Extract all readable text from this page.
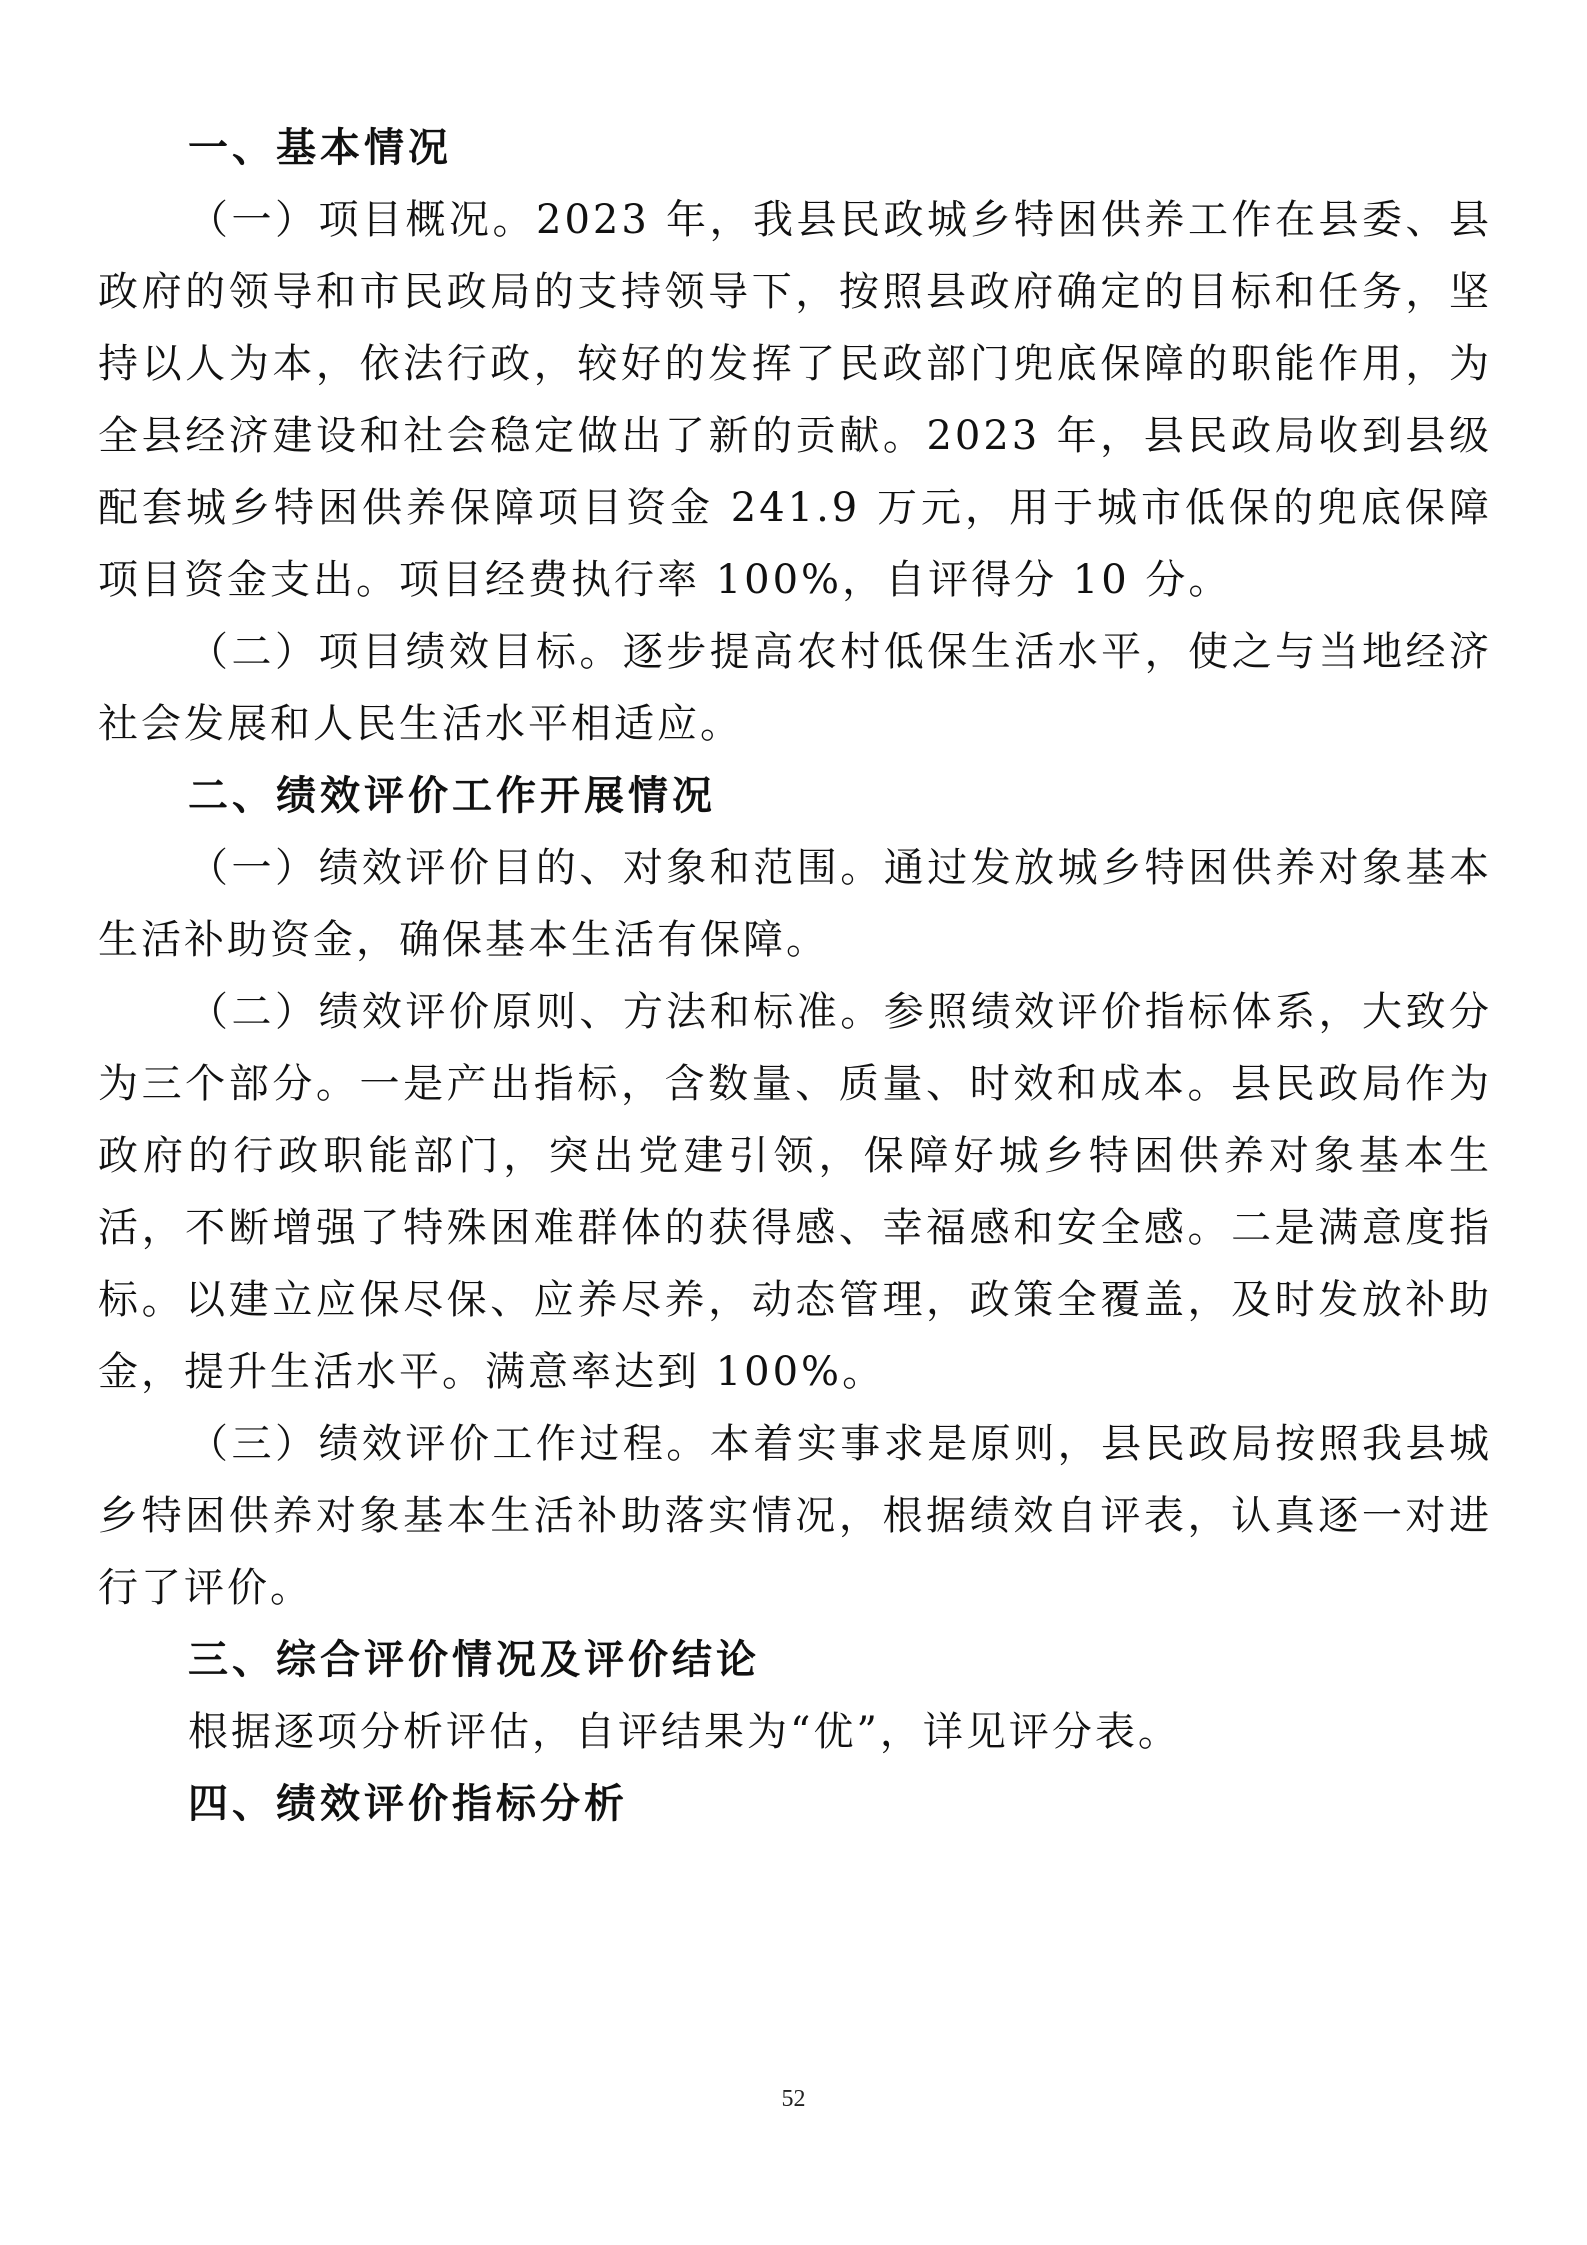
一、基本情况

（一）项目概况。2023 年，我县民政城乡特困供养工作在县委、县政府的领导和市民政局的支持领导下，按照县政府确定的目标和任务，坚持以人为本，依法行政，较好的发挥了民政部门兜底保障的职能作用，为全县经济建设和社会稳定做出了新的贡献。2023 年，县民政局收到县级配套城乡特困供养保障项目资金 241.9 万元，用于城市低保的兜底保障项目资金支出。项目经费执行率 100%，自评得分 10 分。

（二）项目绩效目标。逐步提高农村低保生活水平，使之与当地经济社会发展和人民生活水平相适应。

二、绩效评价工作开展情况

（一）绩效评价目的、对象和范围。通过发放城乡特困供养对象基本生活补助资金，确保基本生活有保障。

（二）绩效评价原则、方法和标准。参照绩效评价指标体系，大致分为三个部分。一是产出指标，含数量、质量、时效和成本。县民政局作为政府的行政职能部门，突出党建引领，保障好城乡特困供养对象基本生活，不断增强了特殊困难群体的获得感、幸福感和安全感。二是满意度指标。以建立应保尽保、应养尽养，动态管理，政策全覆盖，及时发放补助金，提升生活水平。满意率达到 100%。

（三）绩效评价工作过程。本着实事求是原则，县民政局按照我县城乡特困供养对象基本生活补助落实情况，根据绩效自评表，认真逐一对进行了评价。

三、综合评价情况及评价结论

根据逐项分析评估，自评结果为“优”，详见评分表。

四、绩效评价指标分析
52
